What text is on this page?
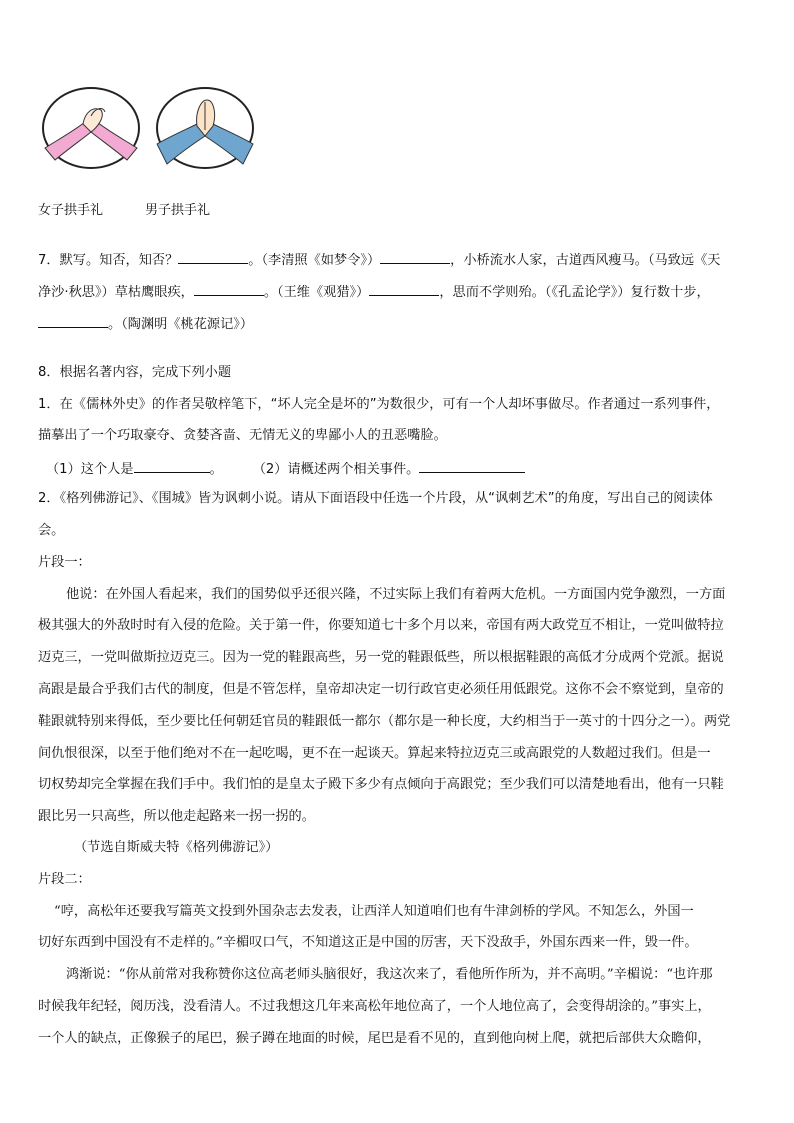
女子拱手礼	男子拱手礼
7．默写。知否，知否？	。（李清照《如梦令》）	，小桥流水人家，古道西风瘦马。（马致远《天
净沙·秋思》）草枯鹰眼疾，	。（王维《观猎》）	，思而不学则殆。（《孔孟论学》）复行数十步，
。（陶渊明《桃花源记》）
8．根据名著内容，完成下列小题
1．在《儒林外史》的作者吴敬梓笔下，“坏人完全是坏的”为数很少，可有一个人却坏事做尽。作者通过一系列事件，
描摹出了一个巧取豪夺、贪婪吝啬、无情无义的卑鄙小人的丑恶嘴脸。
（1）这个人是	。 （2）请概述两个相关事件。
2．《格列佛游记》、《围城》皆为讽刺小说。请从下面语段中任选一个片段，从“讽刺艺术”的角度，写出自己的阅读体
会。
片段一：
他说：在外国人看起来，我们的国势似乎还很兴隆，不过实际上我们有着两大危机。一方面国内党争激烈，一方面
极其强大的外敌时时有入侵的危险。关于第一件，你要知道七十多个月以来，帝国有两大政党互不相让，一党叫做特拉
迈克三，一党叫做斯拉迈克三。因为一党的鞋跟高些，另一党的鞋跟低些，所以根据鞋跟的高低才分成两个党派。据说
高跟是最合乎我们古代的制度，但是不管怎样，皇帝却决定一切行政官吏必须任用低跟党。这你不会不察觉到，皇帝的
鞋跟就特别来得低，至少要比任何朝廷官员的鞋跟低一都尔（都尔是一种长度，大约相当于一英寸的十四分之一）。两党
间仇恨很深，以至于他们绝对不在一起吃喝，更不在一起谈天。算起来特拉迈克三或高跟党的人数超过我们。但是一
切权势却完全掌握在我们手中。我们怕的是皇太子殿下多少有点倾向于高跟党；至少我们可以清楚地看出，他有一只鞋
跟比另一只高些，所以他走起路来一拐一拐的。
（节选自斯威夫特《格列佛游记》）
片段二：
“哼，高松年还要我写篇英文投到外国杂志去发表，让西洋人知道咱们也有牛津剑桥的学风。不知怎么，外国一
切好东西到中国没有不走样的。”辛楣叹口气，不知道这正是中国的厉害，天下没敌手，外国东西来一件，毁一件。
鸿渐说：“你从前常对我称赞你这位高老师头脑很好，我这次来了，看他所作所为，并不高明。”辛楣说：“也许那
时候我年纪轻，阅历浅，没看清人。不过我想这几年来高松年地位高了，一个人地位高了，会变得胡涂的。”事实上，
一个人的缺点，正像猴子的尾巴，猴子蹲在地面的时候，尾巴是看不见的，直到他向树上爬，就把后部供大众瞻仰，
